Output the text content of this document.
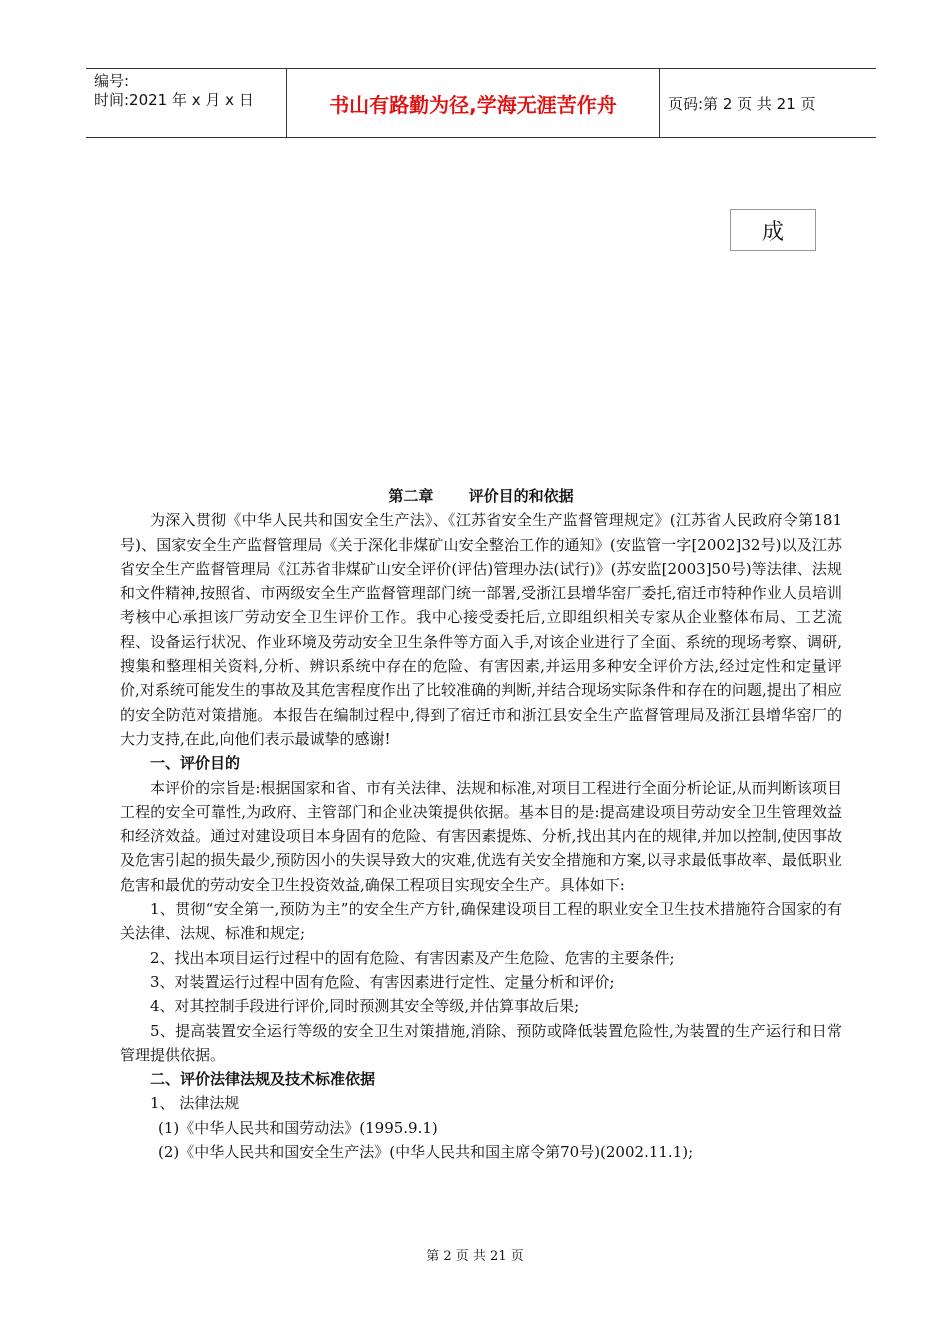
编号:
时间:2021 年 x 月 x 日	书山有路勤为径,学海无涯苦作舟	页码:第 2 页 共 21 页
成

第二章 评价目的和依据

为深入贯彻《中华人民共和国安全生产法》、《江苏省安全生产监督管理规定》(江苏省人民政府令第181号)、国家安全生产监督管理局《关于深化非煤矿山安全整治工作的通知》(安监管一字[2002]32号)以及江苏省安全生产监督管理局《江苏省非煤矿山安全评价(评估)管理办法(试行)》(苏安监[2003]50号)等法律、法规和文件精神,按照省、市两级安全生产监督管理部门统一部署,受浙江县增华窑厂委托,宿迁市特种作业人员培训考核中心承担该厂劳动安全卫生评价工作。我中心接受委托后,立即组织相关专家从企业整体布局、工艺流程、设备运行状况、作业环境及劳动安全卫生条件等方面入手,对该企业进行了全面、系统的现场考察、调研,搜集和整理相关资料,分析、辨识系统中存在的危险、有害因素,并运用多种安全评价方法,经过定性和定量评价,对系统可能发生的事故及其危害程度作出了比较准确的判断,并结合现场实际条件和存在的问题,提出了相应的安全防范对策措施。本报告在编制过程中,得到了宿迁市和浙江县安全生产监督管理局及浙江县增华窑厂的大力支持,在此,向他们表示最诚挚的感谢!

一、评价目的

本评价的宗旨是:根据国家和省、市有关法律、法规和标准,对项目工程进行全面分析论证,从而判断该项目工程的安全可靠性,为政府、主管部门和企业决策提供依据。基本目的是:提高建设项目劳动安全卫生管理效益和经济效益。通过对建设项目本身固有的危险、有害因素提炼、分析,找出其内在的规律,并加以控制,使因事故及危害引起的损失最少,预防因小的失误导致大的灾难,优选有关安全措施和方案,以寻求最低事故率、最低职业危害和最优的劳动安全卫生投资效益,确保工程项目实现安全生产。具体如下:

1、贯彻“安全第一,预防为主”的安全生产方针,确保建设项目工程的职业安全卫生技术措施符合国家的有关法律、法规、标准和规定;

2、找出本项目运行过程中的固有危险、有害因素及产生危险、危害的主要条件;

3、对装置运行过程中固有危险、有害因素进行定性、定量分析和评价;

4、对其控制手段进行评价,同时预测其安全等级,并估算事故后果;

5、提高装置安全运行等级的安全卫生对策措施,消除、预防或降低装置危险性,为装置的生产运行和日常管理提供依据。

二、评价法律法规及技术标准依据

1、 法律法规

(1)《中华人民共和国劳动法》(1995.9.1)

(2)《中华人民共和国安全生产法》(中华人民共和国主席令第70号)(2002.11.1);

第 2 页 共 21 页
